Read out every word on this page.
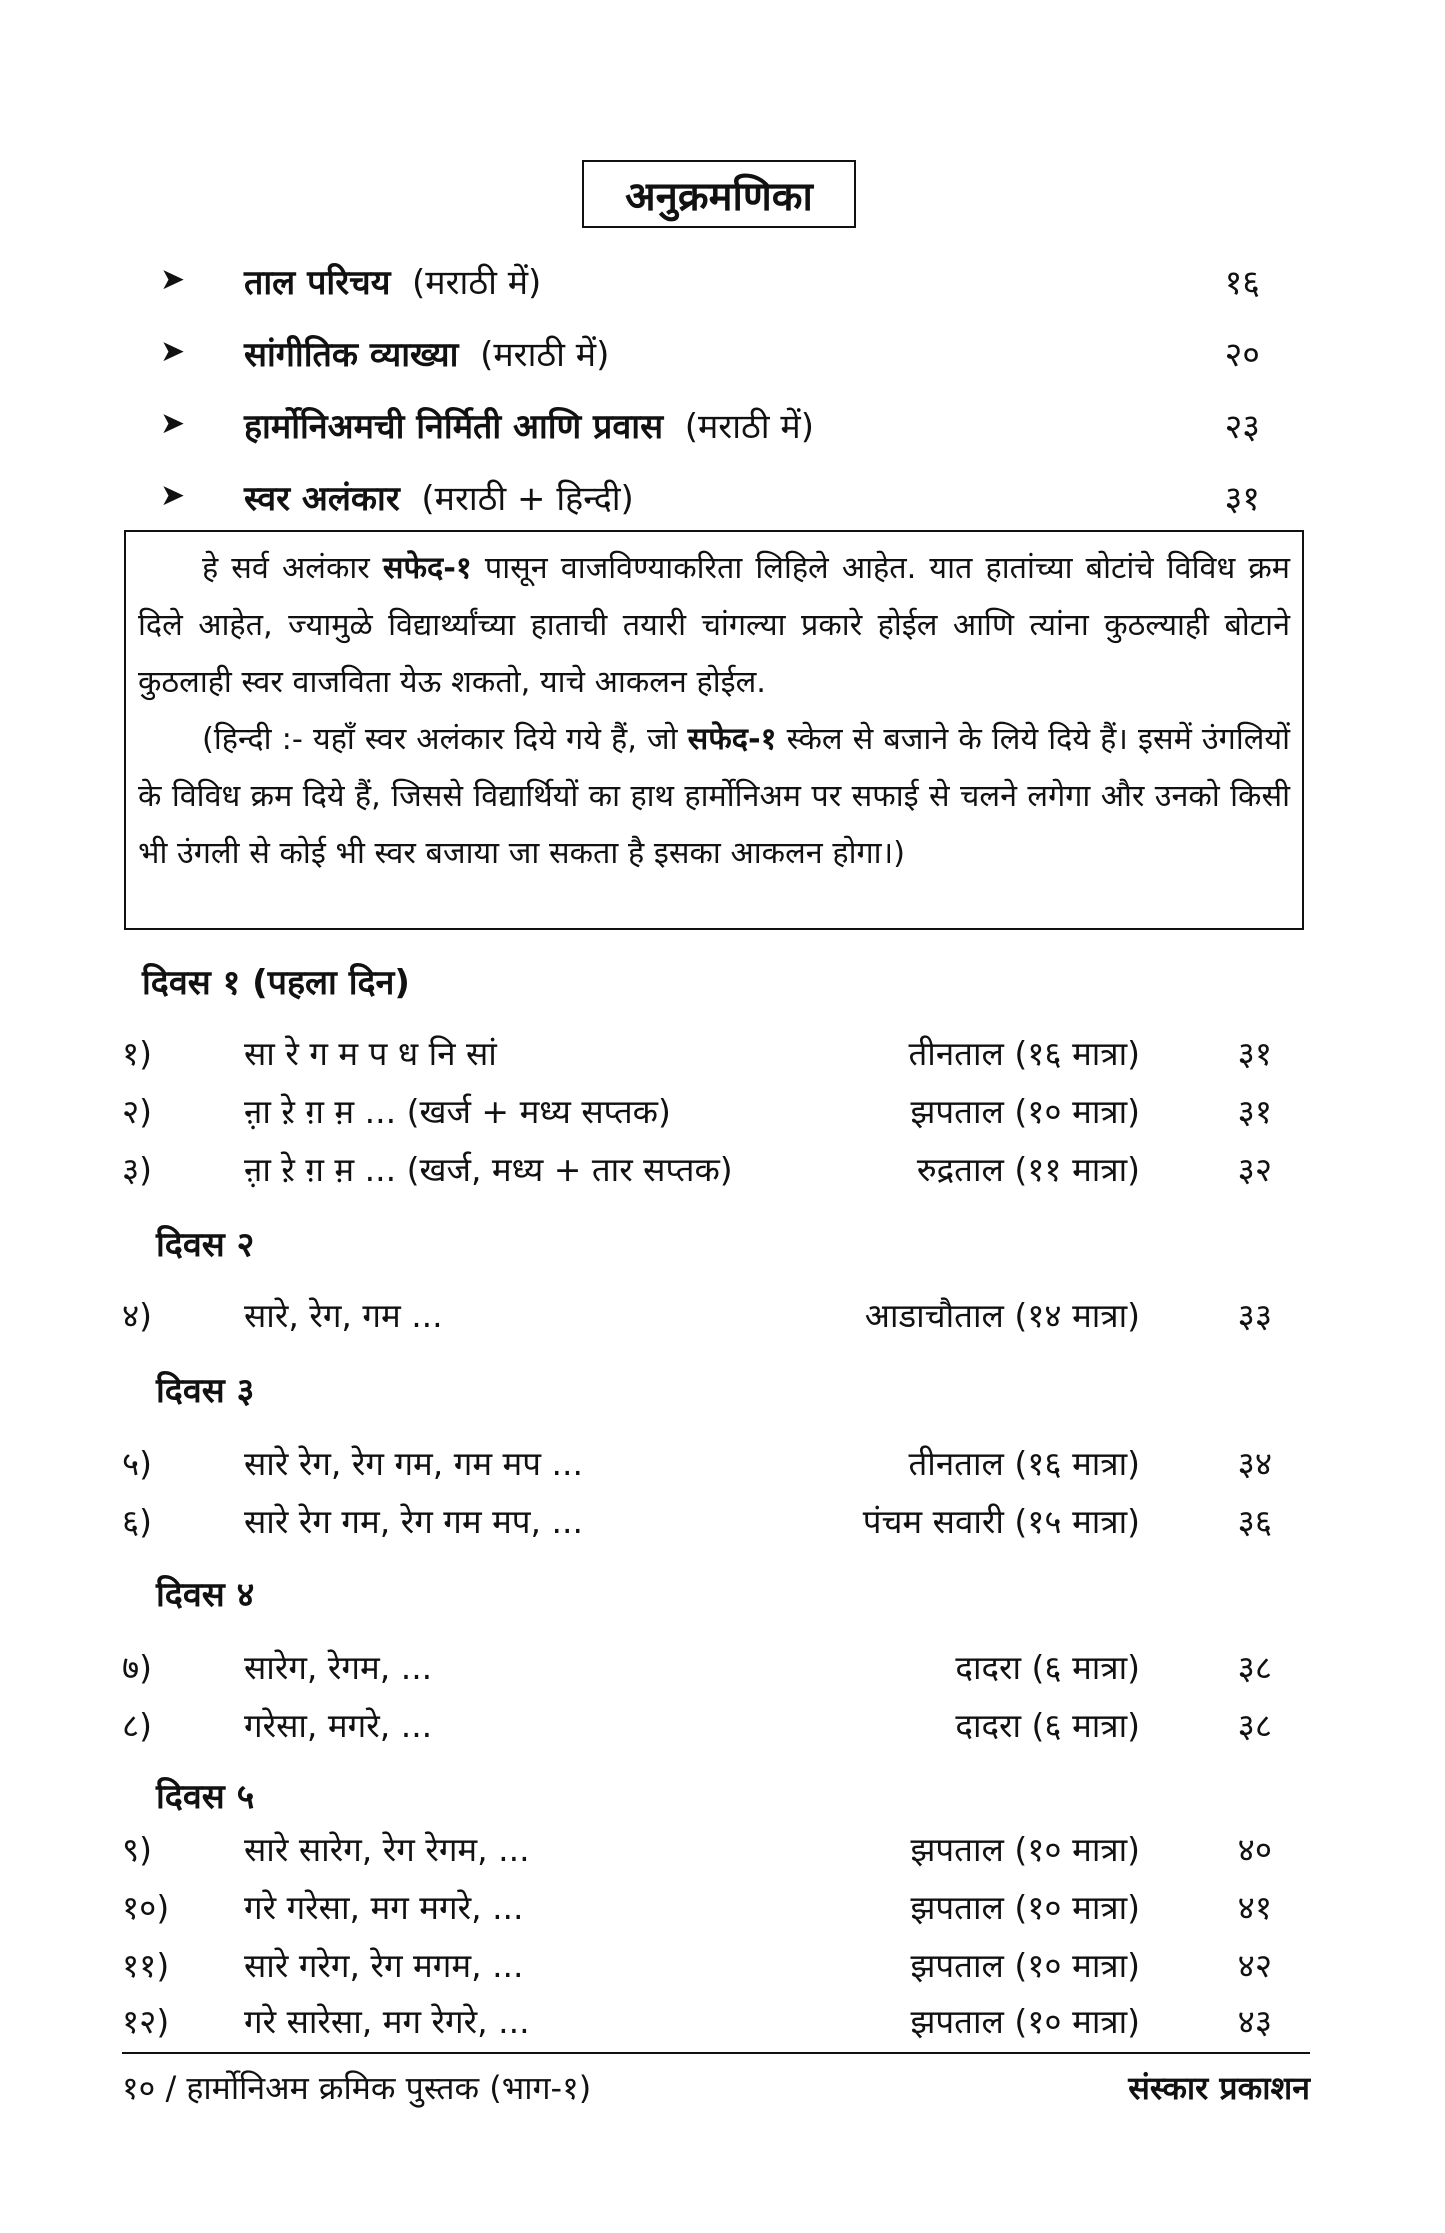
अनुक्रमणिका
➤ ताल परिचय (मराठी में)	१६
➤ सांगीतिक व्याख्या (मराठी में)	२०
➤ हार्मोनिअमची निर्मिती आणि प्रवास (मराठी में)	२३
➤ स्वर अलंकार (मराठी + हिन्दी)	३१

हे सर्व अलंकार सफेद-१ पासून वाजविण्याकरिता लिहिले आहेत. यात हातांच्या बोटांचे विविध क्रम दिले आहेत, ज्यामुळे विद्यार्थ्यांच्या हाताची तयारी चांगल्या प्रकारे होईल आणि त्यांना कुठल्याही बोटाने कुठलाही स्वर वाजविता येऊ शकतो, याचे आकलन होईल.

(हिन्दी :- यहाँ स्वर अलंकार दिये गये हैं, जो सफेद-१ स्केल से बजाने के लिये दिये हैं। इसमें उंगलियों के विविध क्रम दिये हैं, जिससे विद्यार्थियों का हाथ हार्मोनिअम पर सफाई से चलने लगेगा और उनको किसी भी उंगली से कोई भी स्वर बजाया जा सकता है इसका आकलन होगा।)

दिवस १ (पहला दिन)
दिवस २
दिवस ३
दिवस ४
दिवस ५
१)	सा रे ग म प ध नि सां	तीनताल (१६ मात्रा)	३१
२)	ऩ़ा ऱ़े ग़ म़ ... (खर्ज + मध्य सप्तक)	झपताल (१० मात्रा)	३१
३)	ऩ़ा ऱ़े ग़ म़ ... (खर्ज, मध्य + तार सप्तक)	रुद्रताल (११ मात्रा)	३२
४)	सारे, रेग, गम ...	आडाचौताल (१४ मात्रा)	३३
५)	सारे रेग, रेग गम, गम मप ...	तीनताल (१६ मात्रा)	३४
६)	सारे रेग गम, रेग गम मप, ...	पंचम सवारी (१५ मात्रा)	३६
७)	सारेग, रेगम, ...	दादरा (६ मात्रा)	३८
८)	गरेसा, मगरे, ...	दादरा (६ मात्रा)	३८
९)	सारे सारेग, रेग रेगम, ...	झपताल (१० मात्रा)	४०
१०) गरे गरेसा, मग मगरे, ...	झपताल (१० मात्रा)	४१
११) सारे गरेग, रेग मगम, ...	झपताल (१० मात्रा)	४२
१२) गरे सारेसा, मग रेगरे, ...	झपताल (१० मात्रा)	४३
१० / हार्मोनिअम क्रमिक पुस्तक (भाग-१)	संस्कार प्रकाशन
